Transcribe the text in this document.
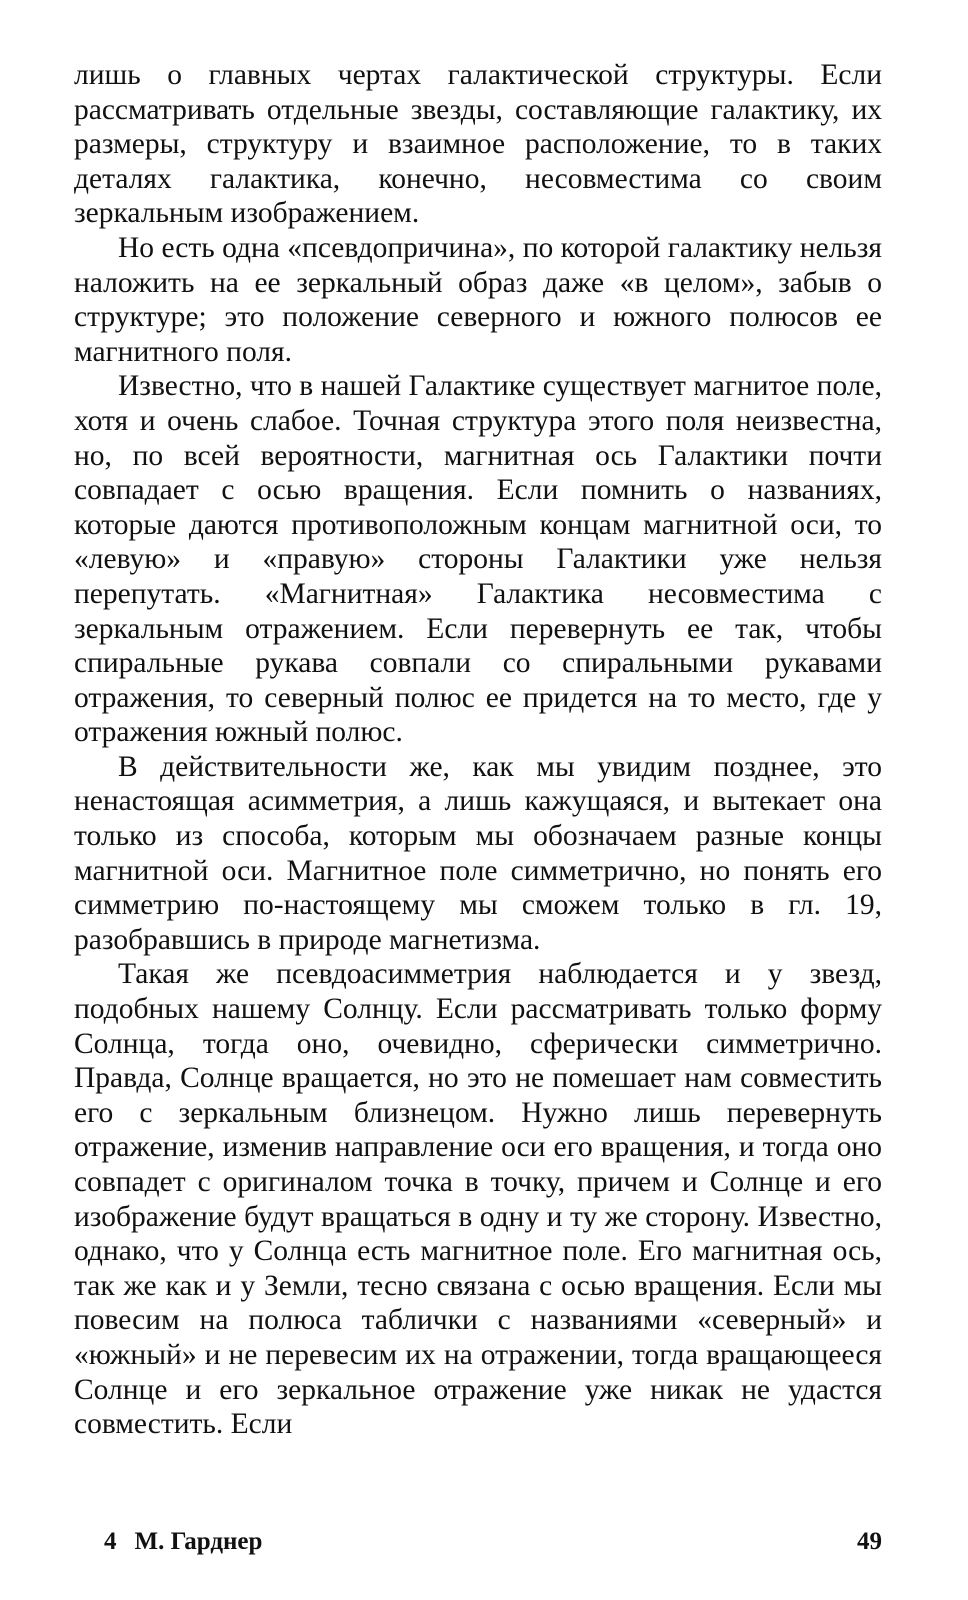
лишь о главных чертах галактической структуры. Если рассматривать отдельные звезды, составляющие галактику, их размеры, структуру и взаимное расположение, то в таких деталях галактика, конечно, несовместима со своим зеркальным изображением.

Но есть одна «псевдопричина», по которой галактику нельзя наложить на ее зеркальный образ даже «в целом», забыв о структуре; это положение северного и южного полюсов ее магнитного поля.

Известно, что в нашей Галактике существует магнитое поле, хотя и очень слабое. Точная структура этого поля неизвестна, но, по всей вероятности, магнитная ось Галактики почти совпадает с осью вращения. Если помнить о названиях, которые даются противоположным концам магнитной оси, то «левую» и «правую» стороны Галактики уже нельзя перепутать. «Магнитная» Галактика несовместима с зеркальным отражением. Если перевернуть ее так, чтобы спиральные рукава совпали со спиральными рукавами отражения, то северный полюс ее придется на то место, где у отражения южный полюс.

В действительности же, как мы увидим позднее, это ненастоящая асимметрия, а лишь кажущаяся, и вытекает она только из способа, которым мы обозначаем разные концы магнитной оси. Магнитное поле симметрично, но понять его симметрию по-настоящему мы сможем только в гл. 19, разобравшись в природе магнетизма.

Такая же псевдоасимметрия наблюдается и у звезд, подобных нашему Солнцу. Если рассматривать только форму Солнца, тогда оно, очевидно, сферически симметрично. Правда, Солнце вращается, но это не помешает нам совместить его с зеркальным близнецом. Нужно лишь перевернуть отражение, изменив направление оси его вращения, и тогда оно совпадет с оригиналом точка в точку, причем и Солнце и его изображение будут вращаться в одну и ту же сторону. Известно, однако, что у Солнца есть магнитное поле. Его магнитная ось, так же как и у Земли, тесно связана с осью вращения. Если мы повесим на полюса таблички с названиями «северный» и «южный» и не перевесим их на отражении, тогда вращающееся Солнце и его зеркальное отражение уже никак не удастся совместить. Если

4 М. Гарднер	49
